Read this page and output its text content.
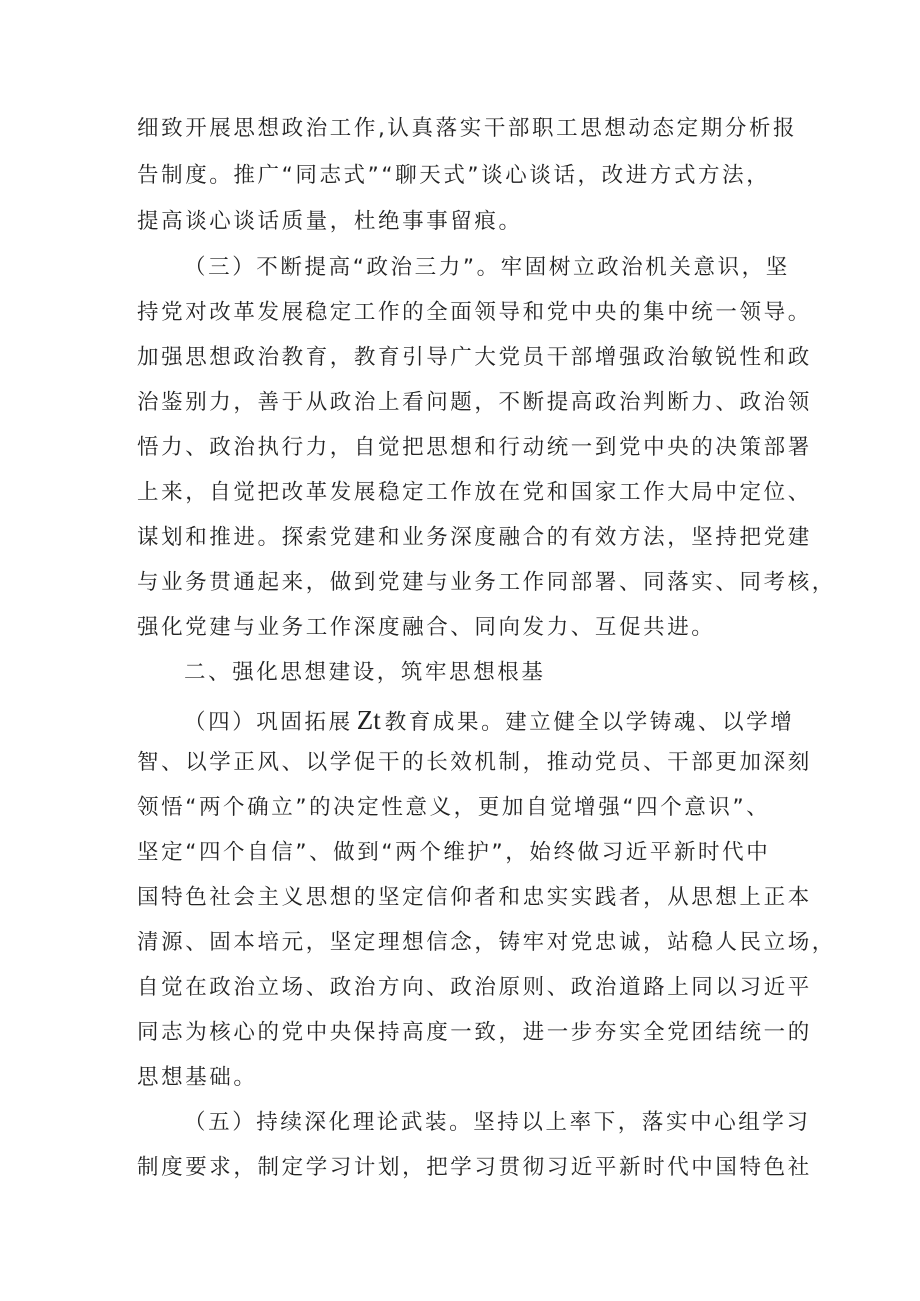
细致开展思想政治工作,认真落实干部职工思想动态定期分析报
告制度。推广“同志式”“聊天式”谈心谈话，改进方式方法，
提高谈心谈话质量，杜绝事事留痕。
（三）不断提高“政治三力”。牢固树立政治机关意识，坚
持党对改革发展稳定工作的全面领导和党中央的集中统一领导。
加强思想政治教育，教育引导广大党员干部增强政治敏锐性和政
治鉴别力，善于从政治上看问题，不断提高政治判断力、政治领
悟力、政治执行力，自觉把思想和行动统一到党中央的决策部署
上来，自觉把改革发展稳定工作放在党和国家工作大局中定位、
谋划和推进。探索党建和业务深度融合的有效方法，坚持把党建
与业务贯通起来，做到党建与业务工作同部署、同落实、同考核，
强化党建与业务工作深度融合、同向发力、互促共进。
二、强化思想建设，筑牢思想根基
（四）巩固拓展 Zt 教育成果。建立健全以学铸魂、以学增
智、以学正风、以学促干的长效机制，推动党员、干部更加深刻
领悟“两个确立”的决定性意义，更加自觉增强“四个意识”、
坚定“四个自信”、做到“两个维护”，始终做习近平新时代中
国特色社会主义思想的坚定信仰者和忠实实践者，从思想上正本
清源、固本培元，坚定理想信念，铸牢对党忠诚，站稳人民立场，
自觉在政治立场、政治方向、政治原则、政治道路上同以习近平
同志为核心的党中央保持高度一致，进一步夯实全党团结统一的
思想基础。
（五）持续深化理论武装。坚持以上率下，落实中心组学习
制度要求，制定学习计划，把学习贯彻习近平新时代中国特色社
